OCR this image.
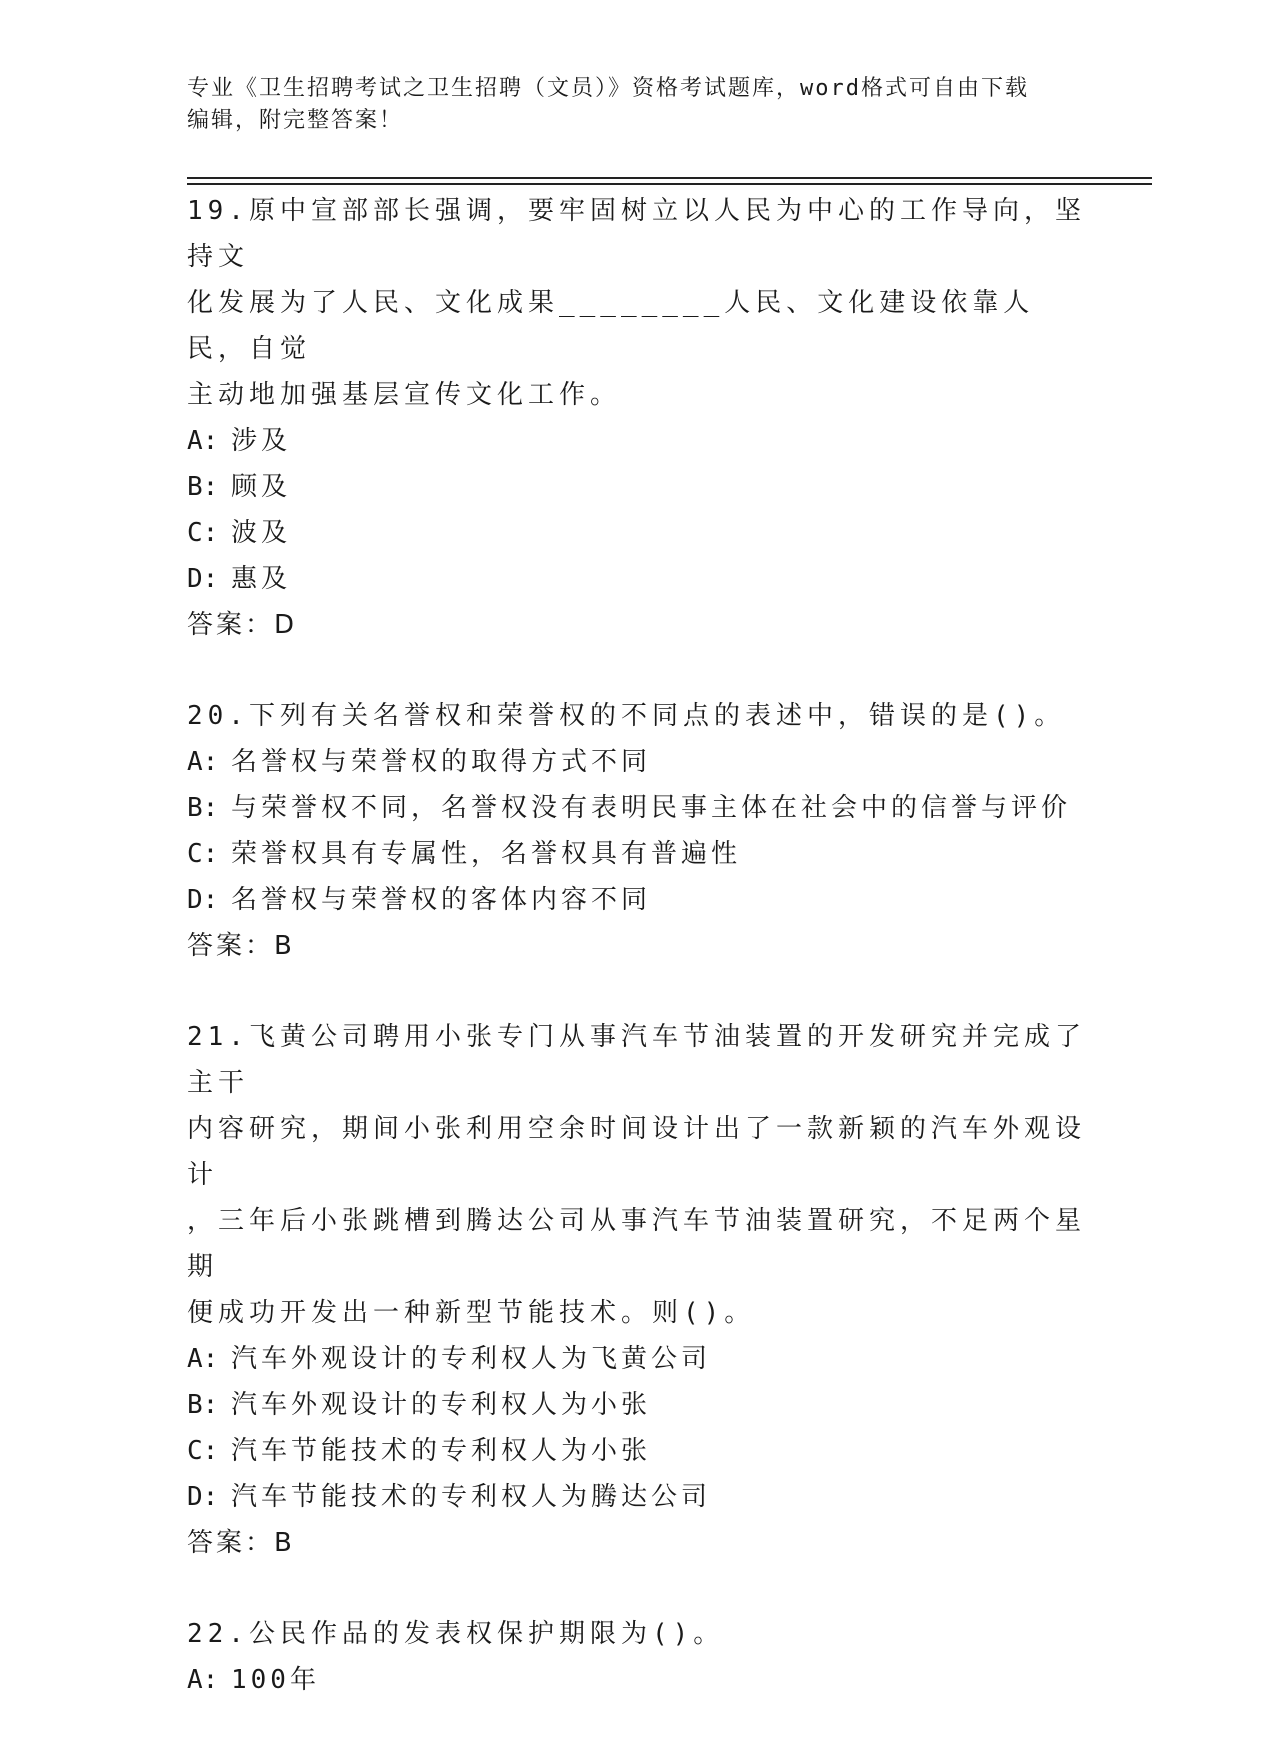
专业《卫生招聘考试之卫生招聘（文员）》资格考试题库，word格式可自由下载
编辑，附完整答案！

19.原中宣部部长强调，要牢固树立以人民为中心的工作导向，坚持文

化发展为了人民、文化成果________人民、文化建设依靠人民，自觉

主动地加强基层宣传文化工作。

A: 涉及

B: 顾及

C: 波及

D: 惠及

答案：D

20.下列有关名誉权和荣誉权的不同点的表述中，错误的是()。

A: 名誉权与荣誉权的取得方式不同

B: 与荣誉权不同，名誉权没有表明民事主体在社会中的信誉与评价

C: 荣誉权具有专属性，名誉权具有普遍性

D: 名誉权与荣誉权的客体内容不同

答案：B

21.飞黄公司聘用小张专门从事汽车节油装置的开发研究并完成了主干

内容研究，期间小张利用空余时间设计出了一款新颖的汽车外观设计

，三年后小张跳槽到腾达公司从事汽车节油装置研究，不足两个星期

便成功开发出一种新型节能技术。则()。

A: 汽车外观设计的专利权人为飞黄公司

B: 汽车外观设计的专利权人为小张

C: 汽车节能技术的专利权人为小张

D: 汽车节能技术的专利权人为腾达公司

答案：B

22.公民作品的发表权保护期限为()。

A: 100年
